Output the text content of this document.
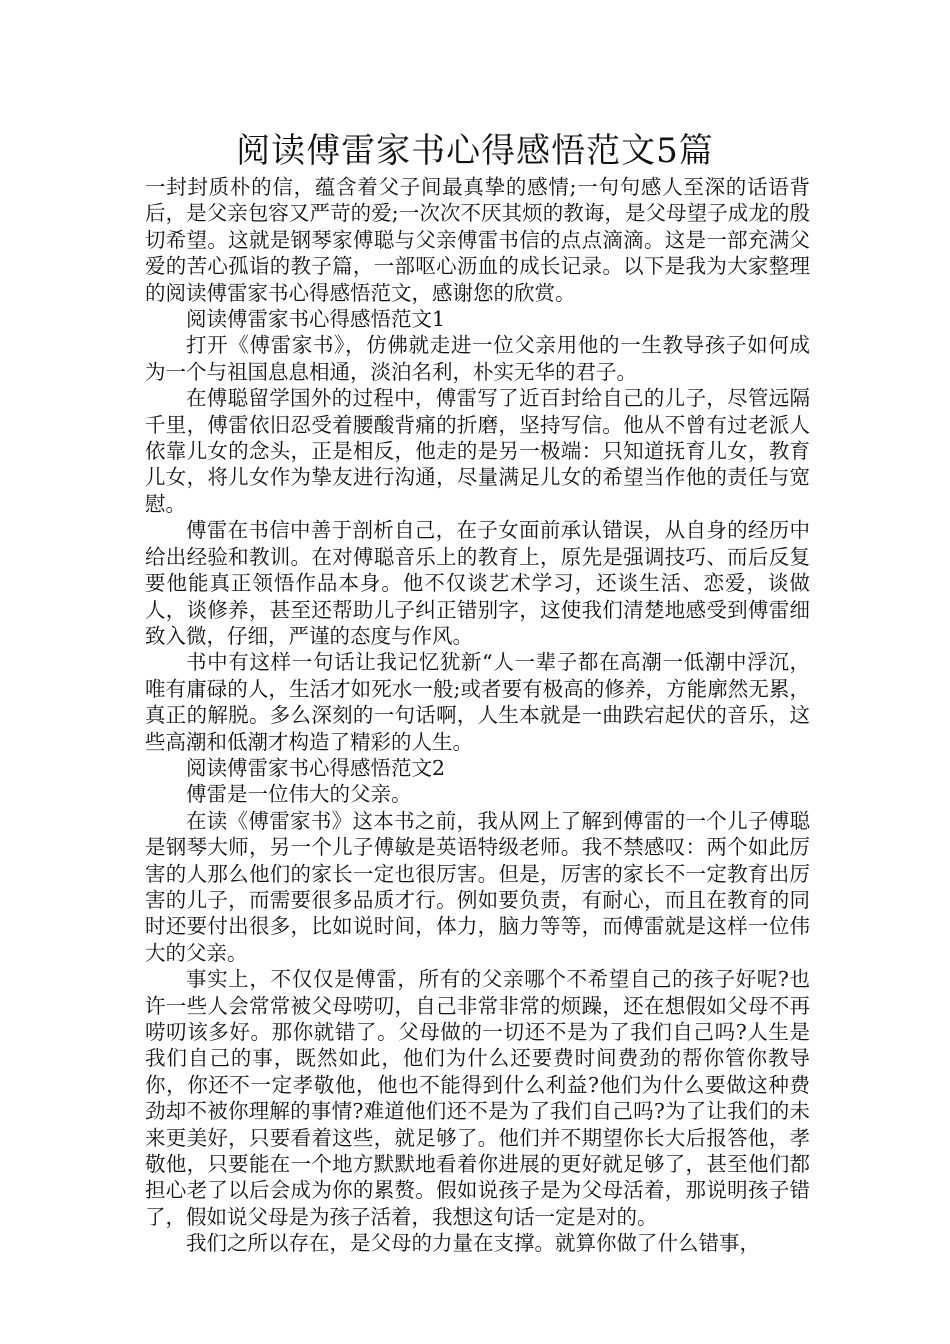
阅读傅雷家书心得感悟范文5篇

一封封质朴的信，蕴含着父子间最真挚的感情;一句句感人至深的话语背后，是父亲包容又严苛的爱;一次次不厌其烦的教诲，是父母望子成龙的殷切希望。这就是钢琴家傅聪与父亲傅雷书信的点点滴滴。这是一部充满父爱的苦心孤诣的教子篇，一部呕心沥血的成长记录。以下是我为大家整理的阅读傅雷家书心得感悟范文，感谢您的欣赏。

阅读傅雷家书心得感悟范文1

打开《傅雷家书》，仿佛就走进一位父亲用他的一生教导孩子如何成为一个与祖国息息相通，淡泊名利，朴实无华的君子。

在傅聪留学国外的过程中，傅雷写了近百封给自己的儿子，尽管远隔千里，傅雷依旧忍受着腰酸背痛的折磨，坚持写信。他从不曾有过老派人依靠儿女的念头，正是相反，他走的是另一极端：只知道抚育儿女，教育儿女，将儿女作为挚友进行沟通，尽量满足儿女的希望当作他的责任与宽慰。

傅雷在书信中善于剖析自己，在子女面前承认错误，从自身的经历中给出经验和教训。在对傅聪音乐上的教育上，原先是强调技巧、而后反复要他能真正领悟作品本身。他不仅谈艺术学习，还谈生活、恋爱，谈做人，谈修养，甚至还帮助儿子纠正错别字，这使我们清楚地感受到傅雷细致入微，仔细，严谨的态度与作风。

书中有这样一句话让我记忆犹新“人一辈子都在高潮一低潮中浮沉，唯有庸碌的人，生活才如死水一般;或者要有极高的修养，方能廓然无累，真正的解脱。多么深刻的一句话啊，人生本就是一曲跌宕起伏的音乐，这些高潮和低潮才构造了精彩的人生。

阅读傅雷家书心得感悟范文2

傅雷是一位伟大的父亲。

在读《傅雷家书》这本书之前，我从网上了解到傅雷的一个儿子傅聪是钢琴大师，另一个儿子傅敏是英语特级老师。我不禁感叹：两个如此厉害的人那么他们的家长一定也很厉害。但是，厉害的家长不一定教育出厉害的儿子，而需要很多品质才行。例如要负责，有耐心，而且在教育的同时还要付出很多，比如说时间，体力，脑力等等，而傅雷就是这样一位伟大的父亲。

事实上，不仅仅是傅雷，所有的父亲哪个不希望自己的孩子好呢?也许一些人会常常被父母唠叨，自己非常非常的烦躁，还在想假如父母不再唠叨该多好。那你就错了。父母做的一切还不是为了我们自己吗?人生是我们自己的事，既然如此，他们为什么还要费时间费劲的帮你管你教导你，你还不一定孝敬他，他也不能得到什么利益?他们为什么要做这种费劲却不被你理解的事情?难道他们还不是为了我们自己吗?为了让我们的未来更美好，只要看着这些，就足够了。他们并不期望你长大后报答他，孝敬他，只要能在一个地方默默地看着你进展的更好就足够了，甚至他们都担心老了以后会成为你的累赘。假如说孩子是为父母活着，那说明孩子错了，假如说父母是为孩子活着，我想这句话一定是对的。

我们之所以存在，是父母的力量在支撑。就算你做了什么错事，
